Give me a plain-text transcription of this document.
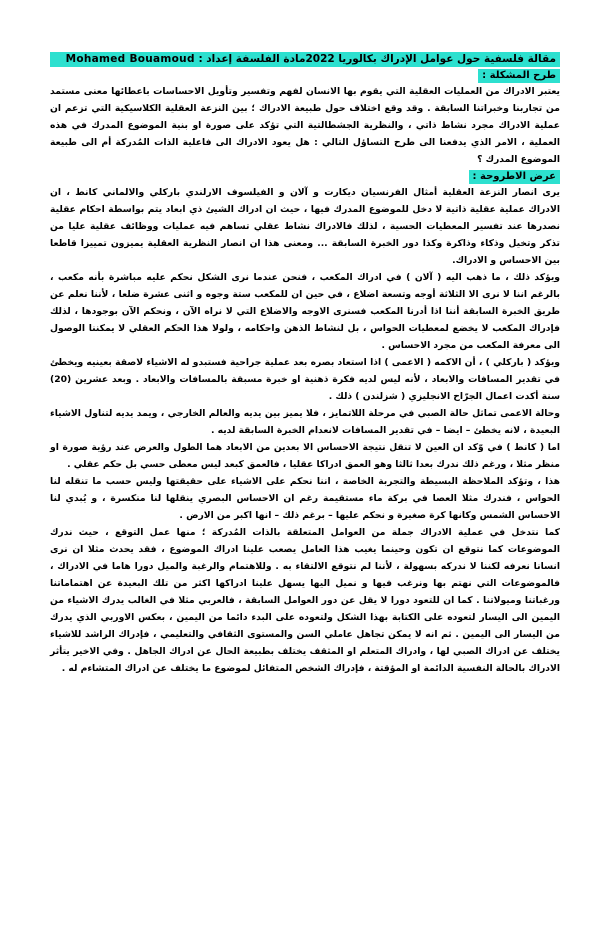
مقالة فلسفية حول عوامل الإدراك بكالوريا 2022مادة الفلسفة إعداد : Mohamed Bouamoud
طرح المشكلة :

يعتبر الادراك من العمليات العقلية التي يقوم بها الانسان لفهم وتفسير وتأويل الاحساسات باعطائها معنى مستمد من تجاربنا وخبراتنا السابقة . وقد وقع اختلاف حول طبيعة الادراك ؛ بين النزعة العقلية الكلاسيكية التي تزعم ان عملية الادراك مجرد نشاط ذاتي ، والنظرية الجشطالتية التي تؤكد على صورة او بنية الموضوع المدرك في هذه العملية ، الامر الذي يدفعنا الى طرح التساؤل التالي : هل يعود الادراك الى فاعلية الذات المُدركة أم الى طبيعة الموضوع المدرك ؟

عرض الاطروحة :

يرى انصار النزعة العقلية أمثال الفرنسيان ديكارت و آلان و الفيلسوف الارلندي باركلي والالماني كانط ، ان الادراك عملية عقلية ذاتية لا دخل للموضوع المدرك فيها ، حيث ان ادراك الشيئ ذي ابعاد يتم بواسطة احكام عقلية نصدرها عند تفسير المعطيات الحسية ، لذلك فالادراك نشاط عقلي تساهم فيه عمليات ووظائف عقلية عليا من تذكر وتخيل وذكاء وذاكرة وكذا دور الخبرة السابقة ... ومعنى هذا ان انصار النظرية العقلية يميزون تمييزا قاطعا بين الاحساس و الادراك.

ويؤكد ذلك ، ما ذهب اليه ( آلان ) في ادراك المكعب ، فنحن عندما نرى الشكل نحكم عليه مباشرة بأنه مكعب ، بالرغم اننا لا نرى الا الثلاثة أوجه وتسعة اضلاع ، في حين ان للمكعب ستة وجوه و اثنى عشرة ضلعا ، لأننا نعلم عن طريق الخبرة السابقة أننا اذا أدرنا المكعب فسنرى الاوجه والاضلاع التي لا نراه الآن ، ونحكم الآن بوجودها ، لذلك فإدراك المكعب لا يخضع لمعطيات الحواس ، بل لنشاط الذهن واحكامه ، ولولا هذا الحكم العقلي لا يمكننا الوصول الى معرفة المكعب من مجرد الاحساس .

ويؤكد ( باركلي ) ، أن الاكمه ( الاعمى ) اذا استعاد بصره بعد عملية جراحية فستبدو له الاشياء لاصقة بعينيه ويخطئ في تقدير المسافات والابعاد ، لأنه ليس لديه فكرة ذهنية او خبرة مسبقة بالمسافات والابعاد . وبعد عشرين (20) سنة أكدت اعمال الجرّاح الانجليزي ( شزلندن ) ذلك .

وحالة الاعمى تماثل حالة الصبي في مرحلة اللاتمايز ، فلا يميز بين يديه والعالم الخارجي ، ويمد يديه لتناول الاشياء البعيدة ، لانه يخطئ – ايضا – في تقدير المسافات لانعدام الخبرة السابقة لديه .

اما ( كانط ) في وّكد ان العين لا تنقل نتيجة الاحساس الا بعدين من الابعاد هما الطول والعرض عند رؤية صورة او منظر مثلا ، ورغم ذلك ندرك بعدا ثالثا وهو العمق ادراكا عقليا ، فالعمق كبعد ليس معطى حسي بل حكم عقلي .

هذا ، وتؤكد الملاحظة البسيطة والتجربة الخاصة ، اننا نحكم على الاشياء على حقيقتها وليس حسب ما تنقله لنا الحواس ، فندرك مثلا العصا في بركة ماء مستقيمة رغم ان الاحساس البصري ينقلها لنا منكسرة ، و يُبدي لنا الاحساس الشمس وكانها كرة صغيرة و نحكم عليها – برغم ذلك – انها اكبر من الارض .

كما نتدخل في عملية الادراك جملة من العوامل المتعلقة بالذات المُدركة ؛ منها عمل التوقع ، حيث ندرك الموضوعات كما نتوقع ان تكون وحينما يغيب هذا العامل يصعب علينا ادراك الموضوع ، فقد يحدث مثلا ان نرى انسانا نعرفه لكننا لا ندركه بسهولة ، لأننا لم نتوقع الالتقاء به . وللاهتمام والرغبة والميل دورا هاما في الادراك ، فالموضوعات التي نهتم بها ونرغب فيها و نميل اليها يسهل علينا ادراكها اكثر من تلك البعيدة عن اهتماماتنا ورغباتنا وميولاتنا . كما ان للتعود دورا لا يقل عن دور العوامل السابقة ، فالعربي مثلا في الغالب يدرك الاشياء من اليمين الى اليسار لتعوده على الكتابة بهذا الشكل ولتعوده على البدء دائما من اليمين ، بعكس الاوربي الذي يدرك من اليسار الى اليمين . ثم انه لا يمكن تجاهل عاملي السن والمستوى الثقافي والتعليمي ، فإدراك الراشد للاشياء يختلف عن ادراك الصبي لها ، وادراك المتعلم او المثقف يختلف بطبيعة الحال عن ادراك الجاهل . وفي الاخير يتأثر الادراك بالحالة النفسية الدائمة او المؤقتة ، فإدراك الشخص المتفائل لموضوع ما يختلف عن ادراك المتشاءم له .
